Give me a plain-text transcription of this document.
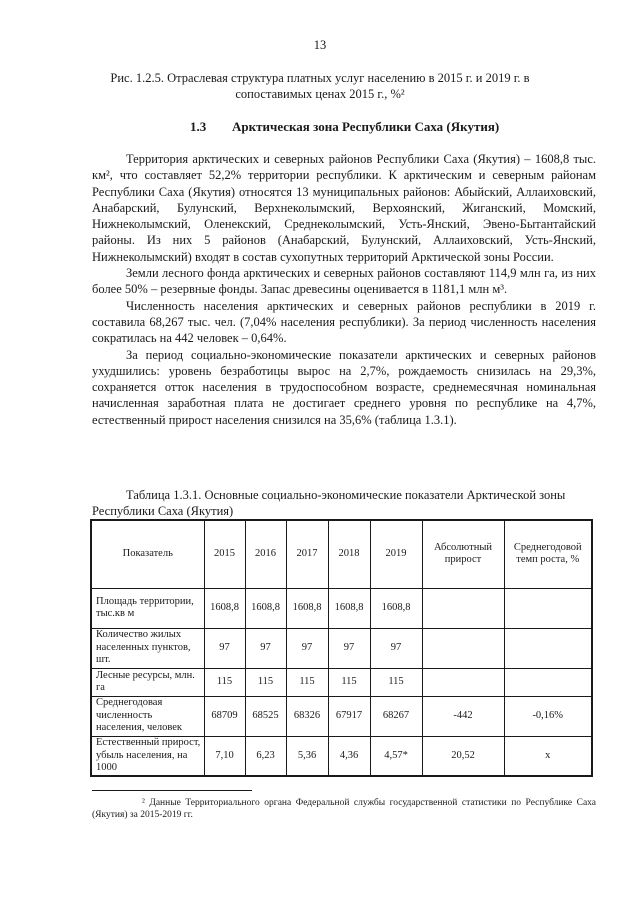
13
Рис. 1.2.5. Отраслевая структура платных услуг населению в 2015 г. и 2019 г. в сопоставимых ценах 2015 г., %²
1.3 Арктическая зона Республики Саха (Якутия)

Территория арктических и северных районов Республики Саха (Якутия) – 1608,8 тыс. км², что составляет 52,2% территории республики. К арктическим и северным районам Республики Саха (Якутия) относятся 13 муниципальных районов: Абыйский, Аллаиховский, Анабарский, Булунский, Верхнеколымский, Верхоянский, Жиганский, Момский, Нижнеколымский, Оленекский, Среднеколымский, Усть-Янский, Эвено-Бытантайский районы. Из них 5 районов (Анабарский, Булунский, Аллаиховский, Усть-Янский, Нижнеколымский) входят в состав сухопутных территорий Арктической зоны России.

Земли лесного фонда арктических и северных районов составляют 114,9 млн га, из них более 50% – резервные фонды. Запас древесины оценивается в 1181,1 млн м³.

Численность населения арктических и северных районов республики в 2019 г. составила 68,267 тыс. чел. (7,04% населения республики). За период численность населения сократилась на 442 человек – 0,64%.

За период социально-экономические показатели арктических и северных районов ухудшились: уровень безработицы вырос на 2,7%, рождаемость снизилась на 29,3%, сохраняется отток населения в трудоспособном возрасте, среднемесячная номинальная начисленная заработная плата не достигает среднего уровня по республике на 4,7%, естественный прирост населения снизился на 35,6% (таблица 1.3.1).

Таблица 1.3.1. Основные социально-экономические показатели Арктической зоны Республики Саха (Якутия)
Показатель	2015	2016	2017	2018	2019	Абсолютный прирост	Среднегодовой темп роста, %
Площадь территории, тыс.кв м	1608,8	1608,8	1608,8	1608,8	1608,8		
Количество жилых населенных пунктов, шт.	97	97	97	97	97		
Лесные ресурсы, млн. га	115	115	115	115	115		
Среднегодовая численность населения, человек	68709	68525	68326	67917	68267	-442	-0,16%
Естественный прирост, убыль населения, на 1000	7,10	6,23	5,36	4,36	4,57*	20,52	x
² Данные Территориального органа Федеральной службы государственной статистики по Республике Саха (Якутия) за 2015-2019 гг.
